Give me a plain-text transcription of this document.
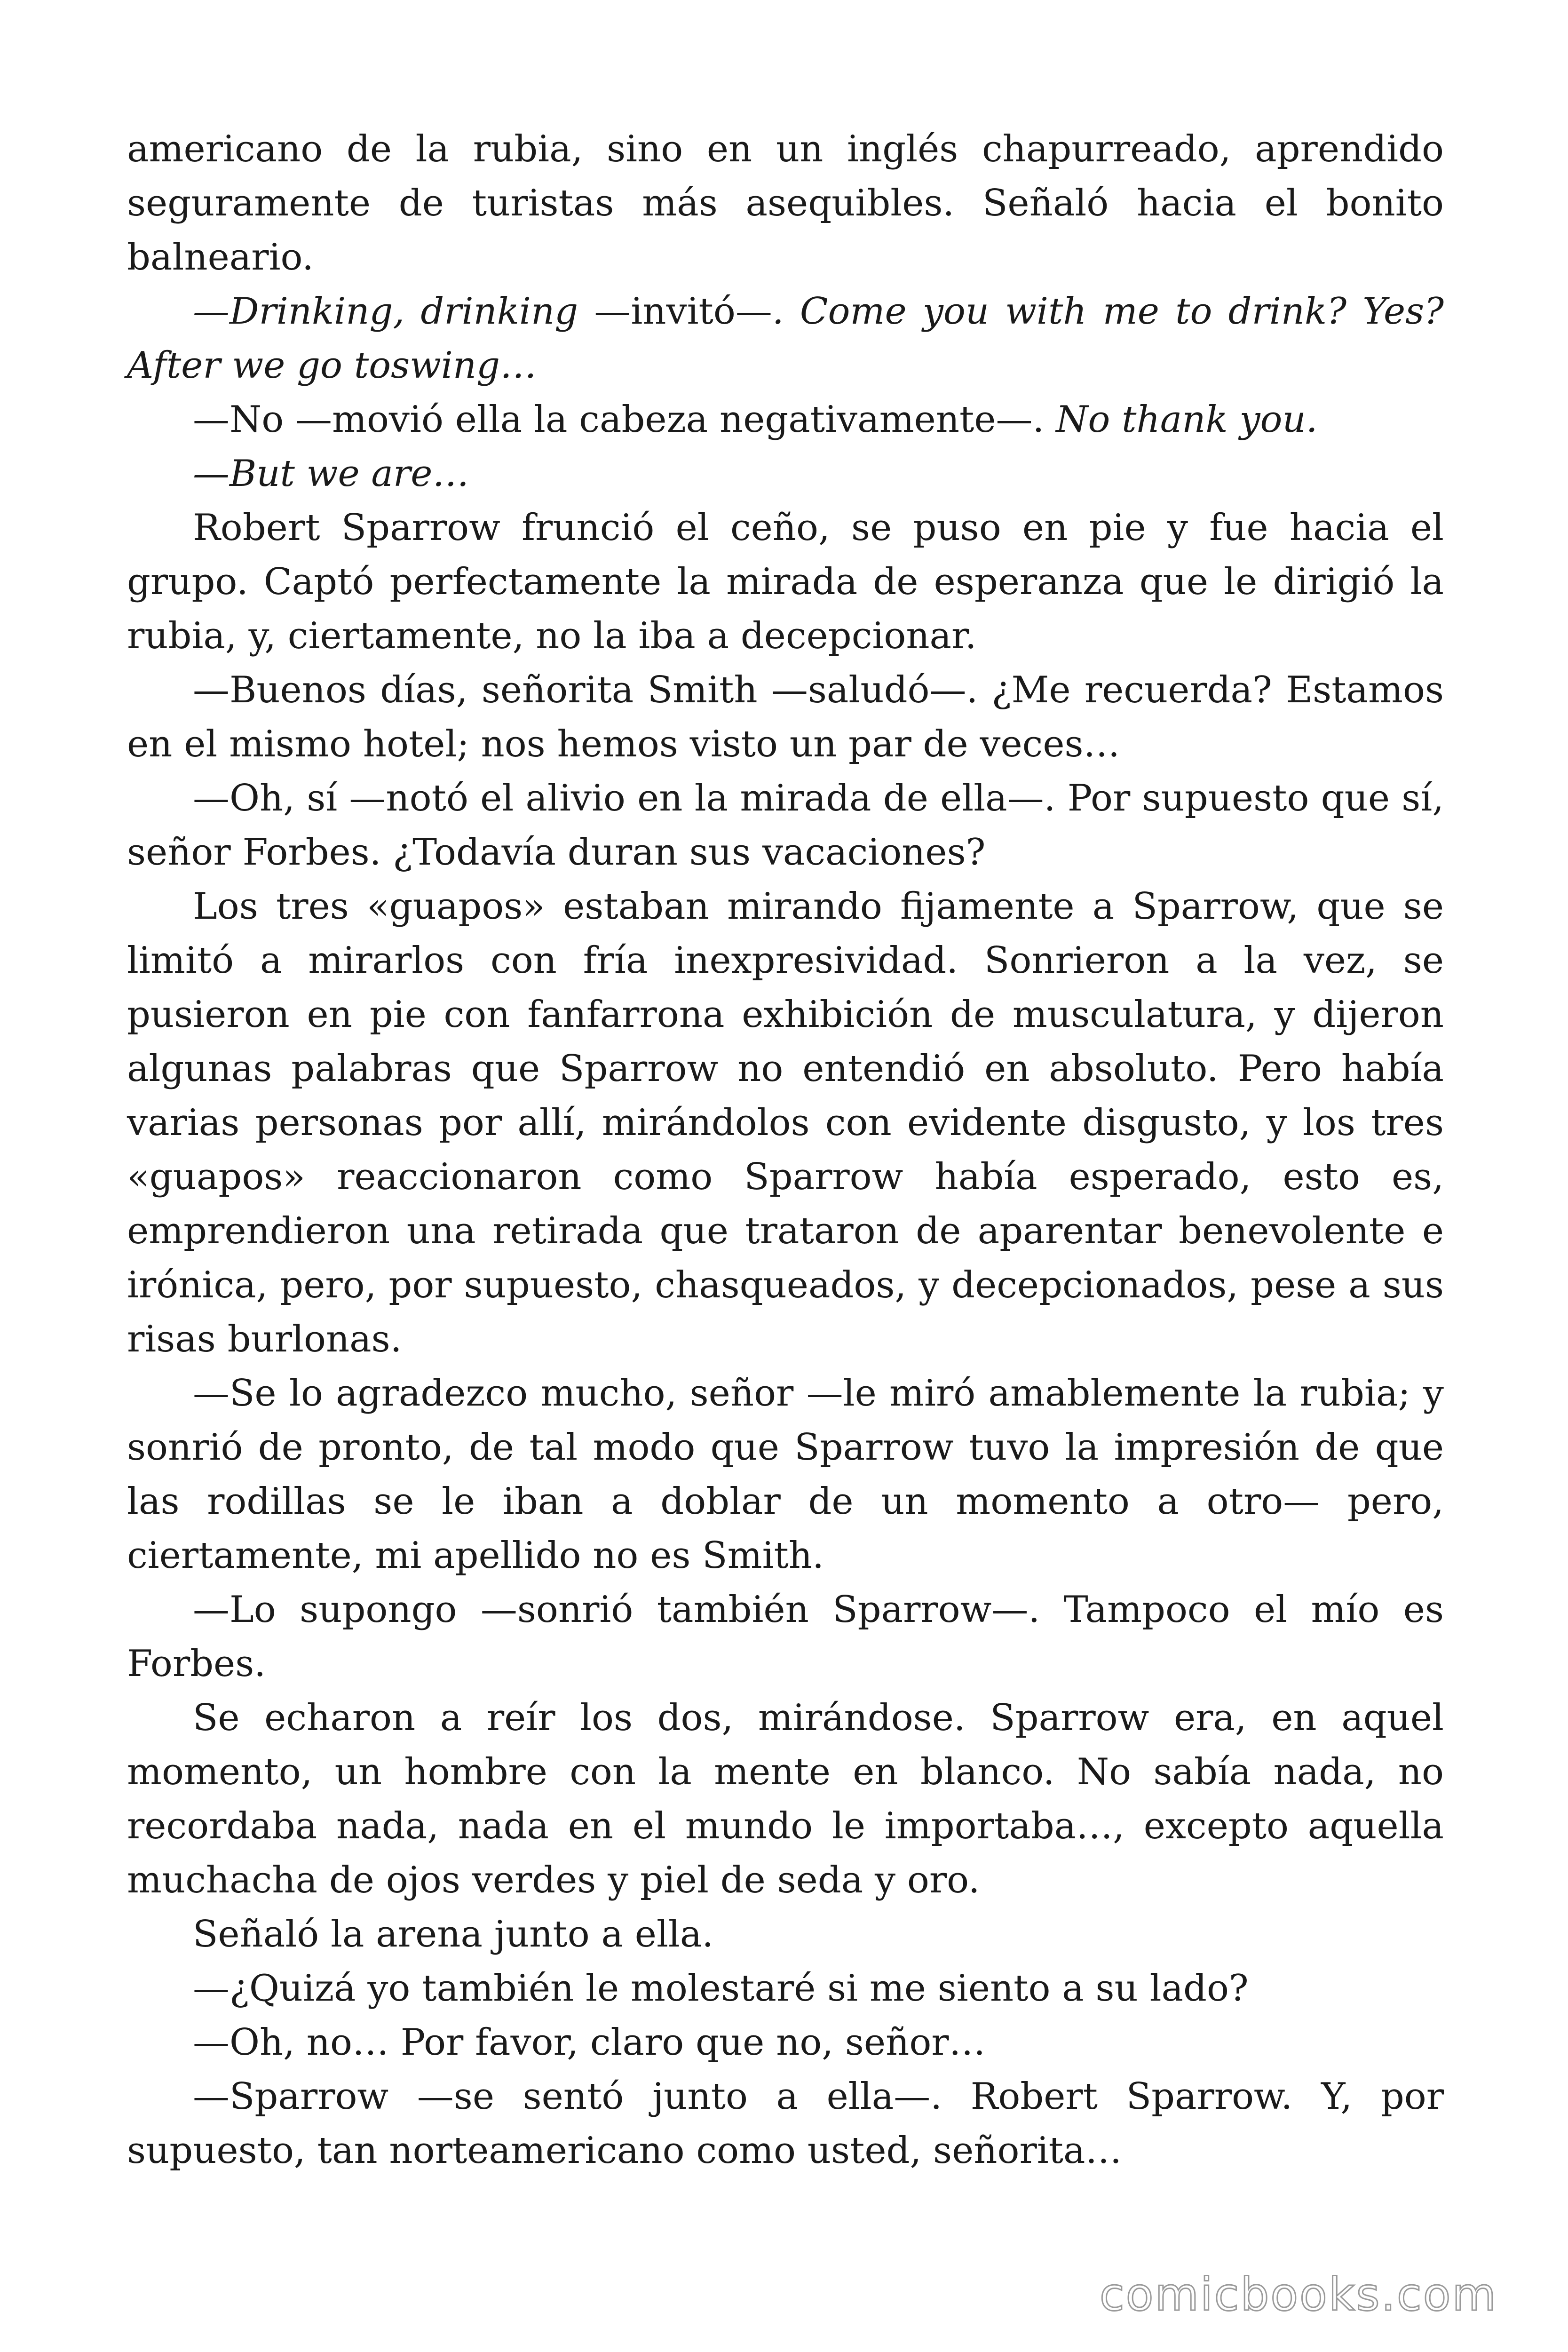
americano de la rubia, sino en un inglés chapurreado, aprendido seguramente de turistas más asequibles. Señaló hacia el bonito balneario.

—Drinking, drinking —invitó—. Come you with me to drink? Yes? After we go toswing…

—No —movió ella la cabeza negativamente—. No thank you.

—But we are…

Robert Sparrow frunció el ceño, se puso en pie y fue hacia el grupo. Captó perfectamente la mirada de esperanza que le dirigió la rubia, y, ciertamente, no la iba a decepcionar.

—Buenos días, señorita Smith —saludó—. ¿Me recuerda? Estamos en el mismo hotel; nos hemos visto un par de veces…

—Oh, sí —notó el alivio en la mirada de ella—. Por supuesto que sí, señor Forbes. ¿Todavía duran sus vacaciones?

Los tres «guapos» estaban mirando fijamente a Sparrow, que se limitó a mirarlos con fría inexpresividad. Sonrieron a la vez, se pusieron en pie con fanfarrona exhibición de musculatura, y dijeron algunas palabras que Sparrow no entendió en absoluto. Pero había varias personas por allí, mirándolos con evidente disgusto, y los tres «guapos» reaccionaron como Sparrow había esperado, esto es, emprendieron una retirada que trataron de aparentar benevolente e irónica, pero, por supuesto, chasqueados, y decepcionados, pese a sus risas burlonas.

—Se lo agradezco mucho, señor —le miró amablemente la rubia; y sonrió de pronto, de tal modo que Sparrow tuvo la impresión de que las rodillas se le iban a doblar de un momento a otro— pero, ciertamente, mi apellido no es Smith.

—Lo supongo —sonrió también Sparrow—. Tampoco el mío es Forbes.

Se echaron a reír los dos, mirándose. Sparrow era, en aquel momento, un hombre con la mente en blanco. No sabía nada, no recordaba nada, nada en el mundo le importaba…, excepto aquella muchacha de ojos verdes y piel de seda y oro.

Señaló la arena junto a ella.

—¿Quizá yo también le molestaré si me siento a su lado?

—Oh, no… Por favor, claro que no, señor…

—Sparrow —se sentó junto a ella—. Robert Sparrow. Y, por supuesto, tan norteamericano como usted, señorita…

comicbooks.com
